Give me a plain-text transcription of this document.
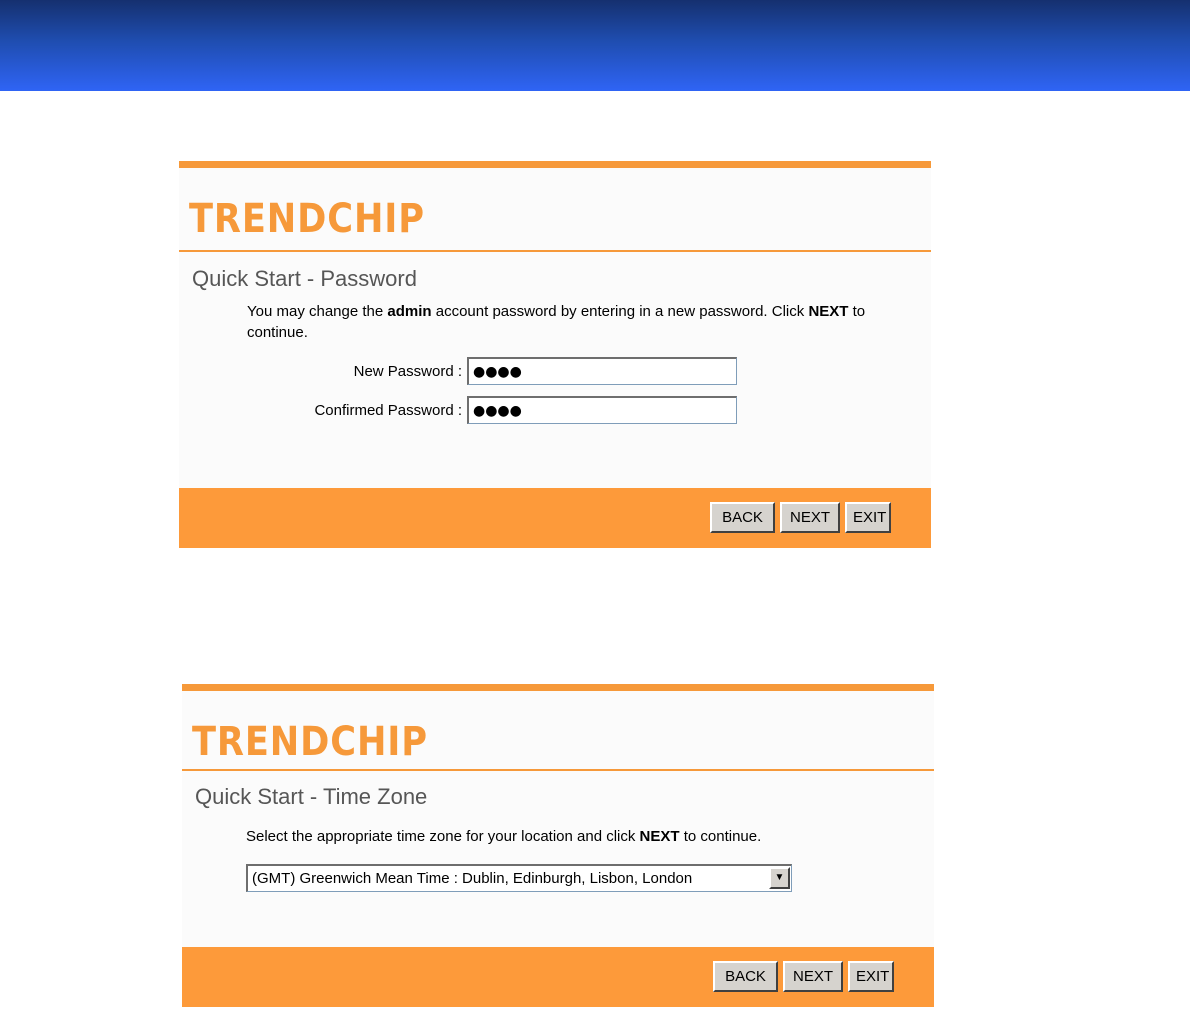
TRENDCHIP
Quick Start - Password
You may change the admin account password by entering in a new password. Click NEXT to continue.
New Password :
●●●●
Confirmed Password :
●●●●
BACK	NEXT	EXIT
TRENDCHIP
Quick Start - Time Zone
Select the appropriate time zone for your location and click NEXT to continue.
(GMT) Greenwich Mean Time : Dublin, Edinburgh, Lisbon, London	▼
BACK	NEXT	EXIT
